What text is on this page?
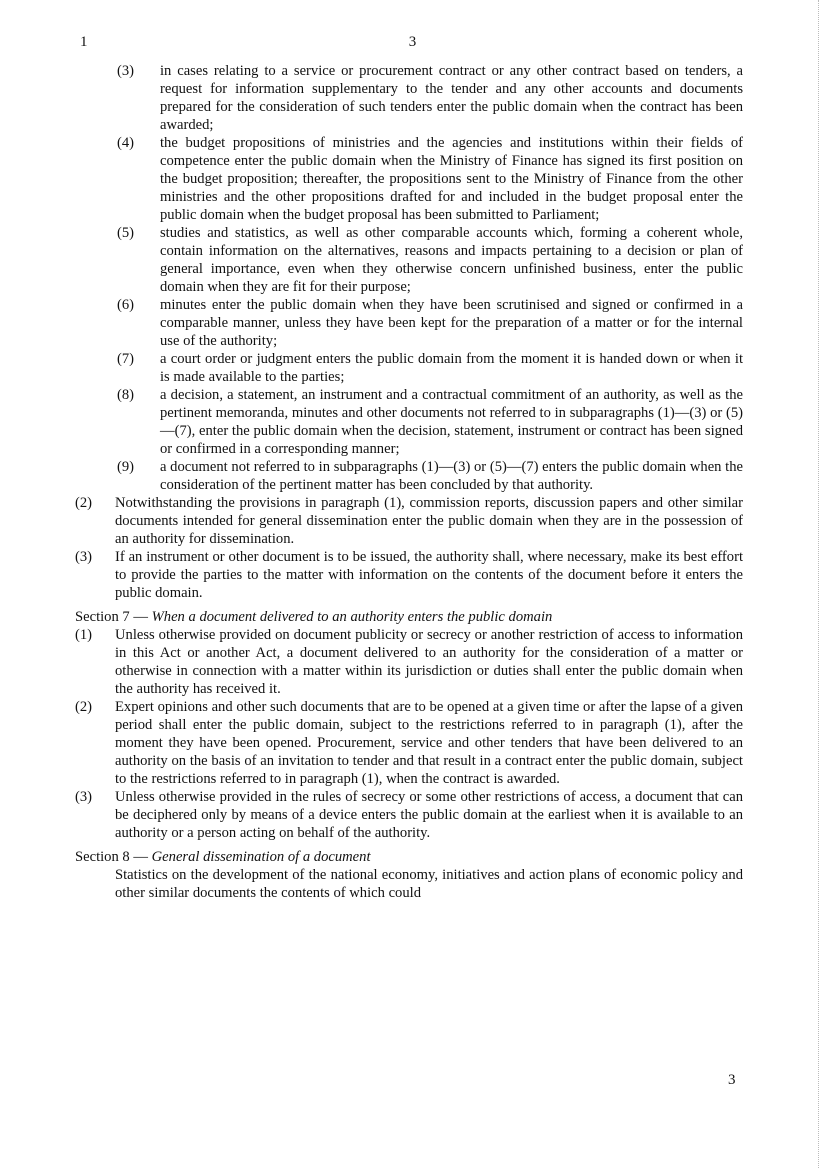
1	3
(3)	in cases relating to a service or procurement contract or any other contract based on tenders, a request for information supplementary to the tender and any other accounts and documents prepared for the consideration of such tenders enter the public domain when the contract has been awarded;
(4)	the budget propositions of ministries and the agencies and institutions within their fields of competence enter the public domain when the Ministry of Finance has signed its first position on the budget proposition; thereafter, the propositions sent to the Ministry of Finance from the other ministries and the other propositions drafted for and included in the budget proposal enter the public domain when the budget proposal has been submitted to Parliament;
(5)	studies and statistics, as well as other comparable accounts which, forming a coherent whole, contain information on the alternatives, reasons and impacts pertaining to a decision or plan of general importance, even when they otherwise concern unfinished business, enter the public domain when they are fit for their purpose;
(6)	minutes enter the public domain when they have been scrutinised and signed or confirmed in a comparable manner, unless they have been kept for the preparation of a matter or for the internal use of the authority;
(7)	a court order or judgment enters the public domain from the moment it is handed down or when it is made available to the parties;
(8)	a decision, a statement, an instrument and a contractual commitment of an authority, as well as the pertinent memoranda, minutes and other documents not referred to in subparagraphs (1)—(3) or (5)—(7), enter the public domain when the decision, statement, instrument or contract has been signed or confirmed in a corresponding manner;
(9)	a document not referred to in subparagraphs (1)—(3) or (5)—(7) enters the public domain when the consideration of the pertinent matter has been concluded by that authority.
(2)	Notwithstanding the provisions in paragraph (1), commission reports, discussion papers and other similar documents intended for general dissemination enter the public domain when they are in the possession of an authority for dissemination.
(3)	If an instrument or other document is to be issued, the authority shall, where necessary, make its best effort to provide the parties to the matter with information on the contents of the document before it enters the public domain.
Section 7 — When a document delivered to an authority enters the public domain
(1)	Unless otherwise provided on document publicity or secrecy or another restriction of access to information in this Act or another Act, a document delivered to an authority for the consideration of a matter or otherwise in connection with a matter within its jurisdiction or duties shall enter the public domain when the authority has received it.
(2)	Expert opinions and other such documents that are to be opened at a given time or after the lapse of a given period shall enter the public domain, subject to the restrictions referred to in paragraph (1), after the moment they have been opened. Procurement, service and other tenders that have been delivered to an authority on the basis of an invitation to tender and that result in a contract enter the public domain, subject to the restrictions referred to in paragraph (1), when the contract is awarded.
(3)	Unless otherwise provided in the rules of secrecy or some other restrictions of access, a document that can be deciphered only by means of a device enters the public domain at the earliest when it is available to an authority or a person acting on behalf of the authority.
Section 8 — General dissemination of a document
Statistics on the development of the national economy, initiatives and action plans of economic policy and other similar documents the contents of which could
3
